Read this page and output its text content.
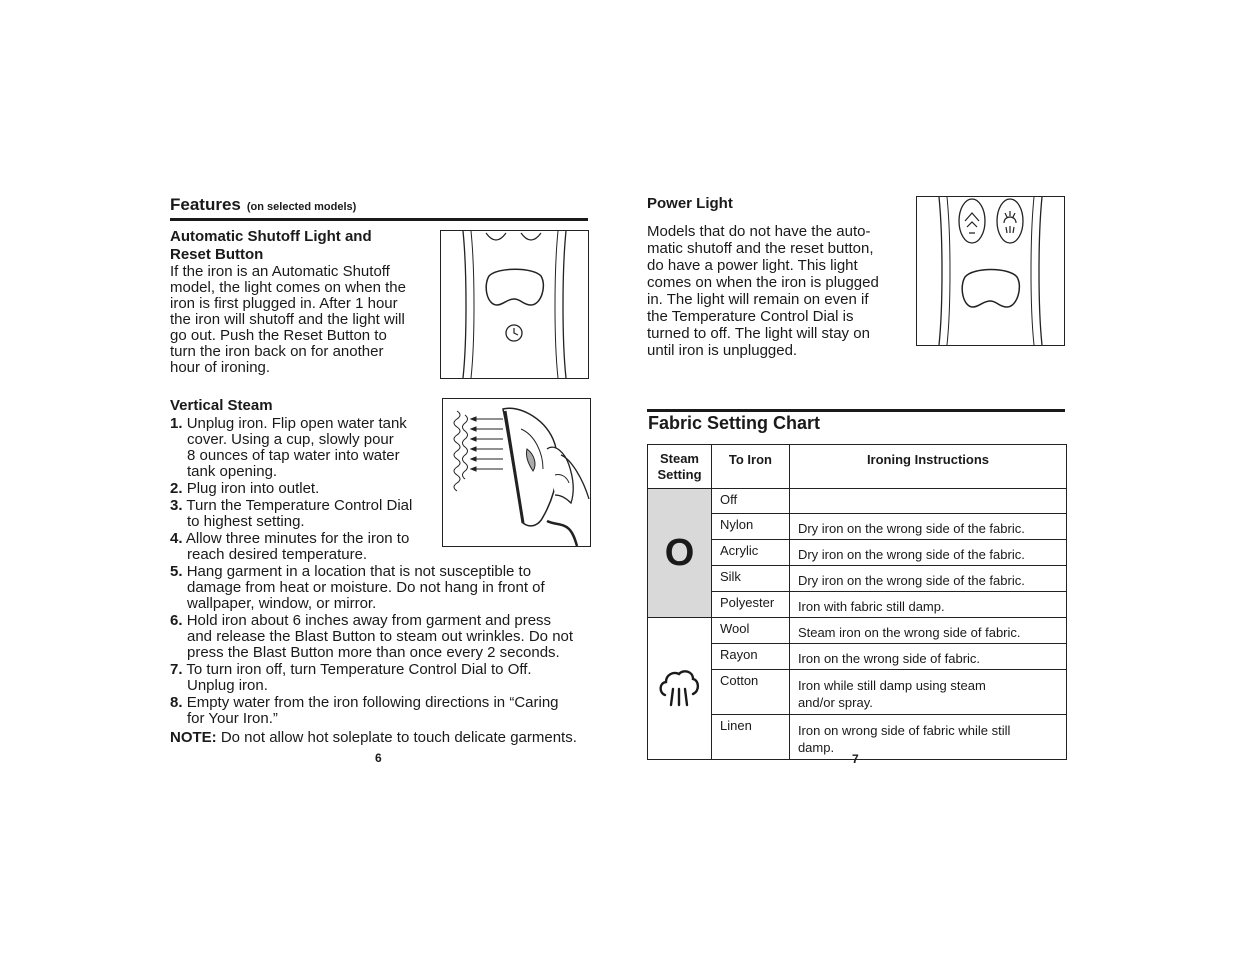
Features (on selected models)
Automatic Shutoff Light and
Reset Button
If the iron is an Automatic Shutoff
model, the light comes on when the
iron is first plugged in. After 1 hour
the iron will shutoff and the light will
go out. Push the Reset Button to
turn the iron back on for another
hour of ironing.
Vertical Steam
1. Unplug iron. Flip open water tank
cover. Using a cup, slowly pour
8 ounces of tap water into water
tank opening.
2. Plug iron into outlet.
3. Turn the Temperature Control Dial
to highest setting.
4. Allow three minutes for the iron to
reach desired temperature.
5. Hang garment in a location that is not susceptible to
damage from heat or moisture. Do not hang in front of
wallpaper, window, or mirror.
6. Hold iron about 6 inches away from garment and press
and release the Blast Button to steam out wrinkles. Do not
press the Blast Button more than once every 2 seconds.
7. To turn iron off, turn Temperature Control Dial to Off.
Unplug iron.
8. Empty water from the iron following directions in “Caring
for Your Iron.”
NOTE: Do not allow hot soleplate to touch delicate garments.
6
Power Light
Models that do not have the auto-
matic shutoff and the reset button,
do have a power light. This light
comes on when the iron is plugged
in. The light will remain on even if
the Temperature Control Dial is
turned to off. The light will stay on
until iron is unplugged.
Fabric Setting Chart
Steam
Setting	To Iron	Ironing Instructions
O	Off	
	Nylon	Dry iron on the wrong side of the fabric.
	Acrylic	Dry iron on the wrong side of the fabric.
	Silk	Dry iron on the wrong side of the fabric.
	Polyester	Iron with fabric still damp.
	Wool	Steam iron on the wrong side of fabric.
	Rayon	Iron on the wrong side of fabric.
	Cotton	Iron while still damp using steam
and/or spray.

	Linen	Iron on wrong side of fabric while still
damp.
7
